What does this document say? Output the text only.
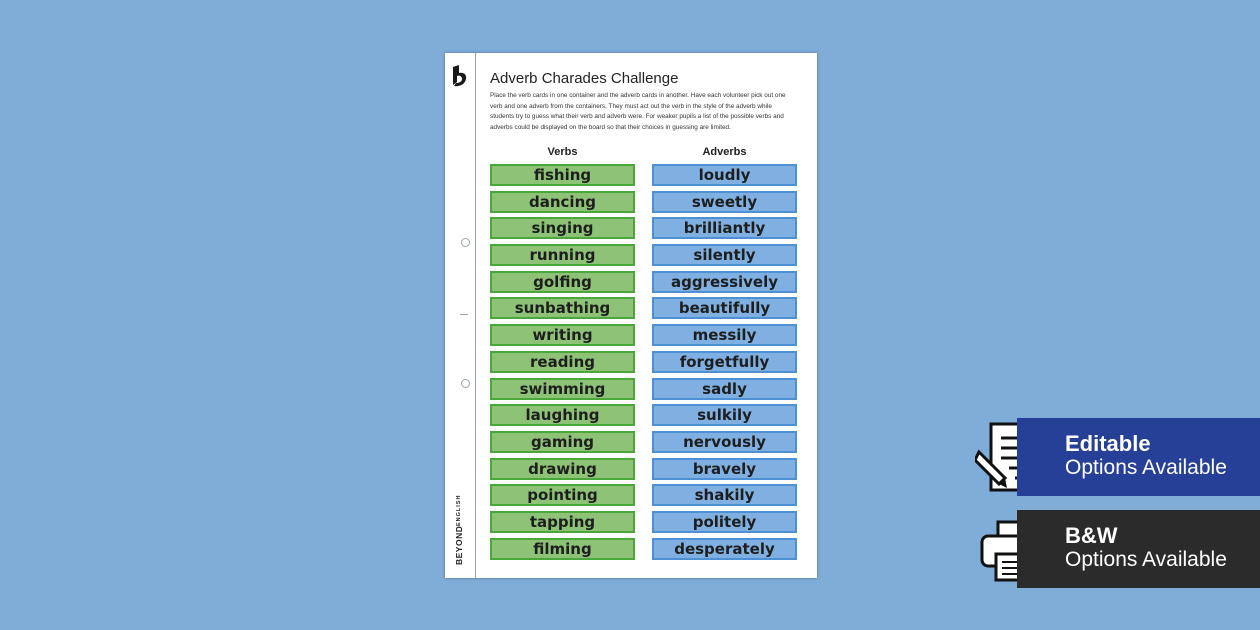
BEYONDENGLISH
Adverb Charades Challenge

Place the verb cards in one container and the adverb cards in another. Have each volunteer pick out one verb and one adverb from the containers. They must act out the verb in the style of the adverb while students try to guess what their verb and adverb were. For weaker pupils a list of the possible verbs and adverbs could be displayed on the board so that their choices in guessing are limited.

Verbs	Adverbs
fishing
dancing
singing
running
golfing
sunbathing
writing
reading
swimming
laughing
gaming
drawing
pointing
tapping
filming
loudly
sweetly
brilliantly
silently
aggressively
beautifully
messily
forgetfully
sadly
sulkily
nervously
bravely
shakily
politely
desperately
Editable
Options Available
B&W
Options Available
